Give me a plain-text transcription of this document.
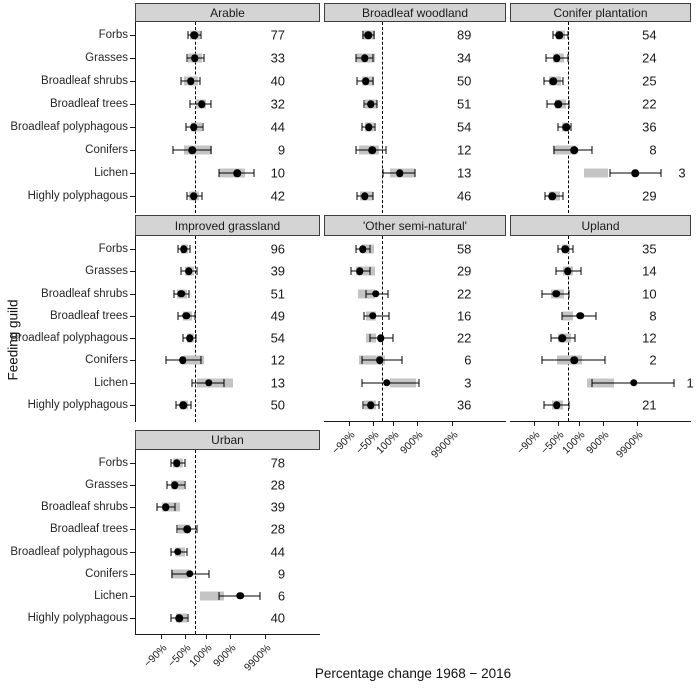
Feeding guild
Arable
77
Forbs
33
Grasses
40
Broadleaf shrubs
32
Broadleaf trees
44
Broadleaf polyphagous
9
Conifers
10
Lichen
42
Highly polyphagous
Broadleaf woodland
89
34
50
51
54
12
13
46
Conifer plantation
54
24
25
22
36
8
3
29
Improved grassland
96
Forbs
39
Grasses
51
Broadleaf shrubs
49
Broadleaf trees
54
Broadleaf polyphagous
12
Conifers
13
Lichen
50
Highly polyphagous
'Other semi-natural'
58
29
22
16
22
6
3
36
−90%
−50%
100%
900% 9900%
Upland
35
14
10
8
12
2
1
21
−90%
−50%
100%
900% 9900%
Urban
78
Forbs
28
Grasses
39
Broadleaf shrubs
28
Broadleaf trees
44
Broadleaf polyphagous
9
Conifers
6
Lichen
40
Highly polyphagous
−90%
−50%
100%
900% 9900%	Percentage change 1968 − 2016
